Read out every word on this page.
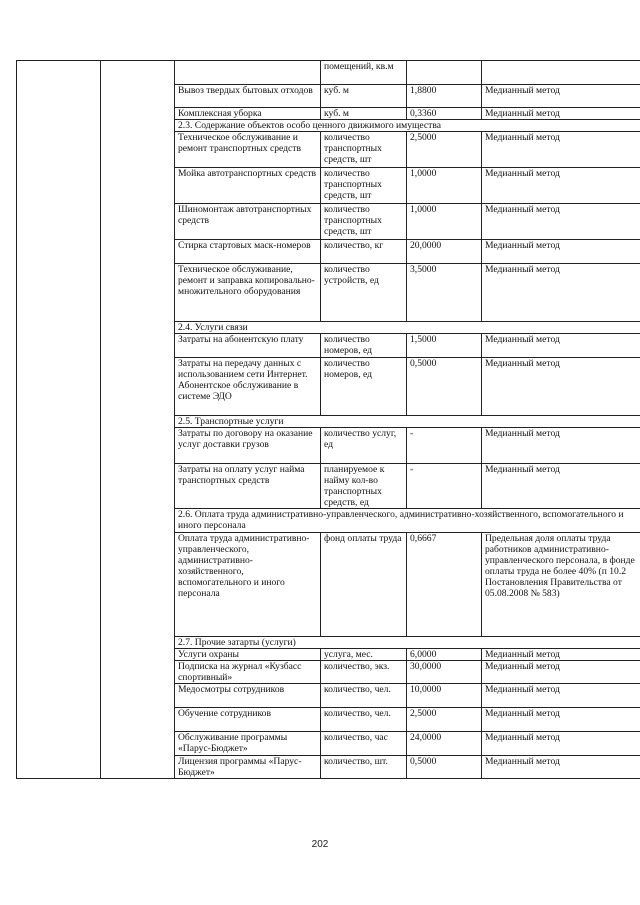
			помещений, кв.м		
		Вывоз твердых бытовых отходов	куб. м	1,8800	Медианный метод
		Комплексная уборка	куб. м	0,3360	Медианный метод
		2.3. Содержание объектов особо ценного движимого имущества			
		Техническое обслуживание и ремонт транспортных средств	количество транспортных средств, шт	2,5000	Медианный метод
		Мойка автотранспортных средств	количество транспортных средств, шт	1,0000	Медианный метод
		Шиномонтаж автотранспортных средств	количество транспортных средств, шт	1,0000	Медианный метод
		Стирка стартовых маск-номеров	количество, кг	20,0000	Медианный метод
		Техническое обслуживание, ремонт и заправка копировально-множительного оборудования	количество устройств, ед	3,5000	Медианный метод
		2.4. Услуги связи			
		Затраты на абонентскую плату	количество номеров, ед	1,5000	Медианный метод
		Затраты на передачу данных с использованием сети Интернет. Абонентское обслуживание в системе ЭДО	количество номеров, ед	0,5000	Медианный метод
		2.5. Транспортные услуги			
		Затраты по договору на оказание услуг доставки грузов	количество услуг, ед	-	Медианный метод
		Затраты на оплату услуг найма транспортных средств	планируемое к найму кол-во транспортных средств, ед	-	Медианный метод
		2.6. Оплата труда административно-управленческого, административно-хозяйственного, вспомогательного и иного персонала			
		Оплата труда административно-управленческого, административно-хозяйственного, вспомогательного и иного персонала	фонд оплаты труда	0,6667	Предельная доля оплаты труда работников административно-управленческого персонала, в фонде оплаты труда не более 40% (п 10.2 Постановления Правительства от 05.08.2008 № 583)
		2.7. Прочие затарты (услуги)			
		Услуги охраны	услуга, мес.	6,0000	Медианный метод
		Подписка на журнал «Кузбасс спортивный»	количество, экз.	30,0000	Медианный метод
		Медосмотры сотрудников	количество, чел.	10,0000	Медианный метод
		Обучение сотрудников	количество, чел.	2,5000	Медианный метод
		Обслуживание программы «Парус-Бюджет»	количество, час	24,0000	Медианный метод
		Лицензия программы «Парус-Бюджет»	количество, шт.	0,5000	Медианный метод
202
